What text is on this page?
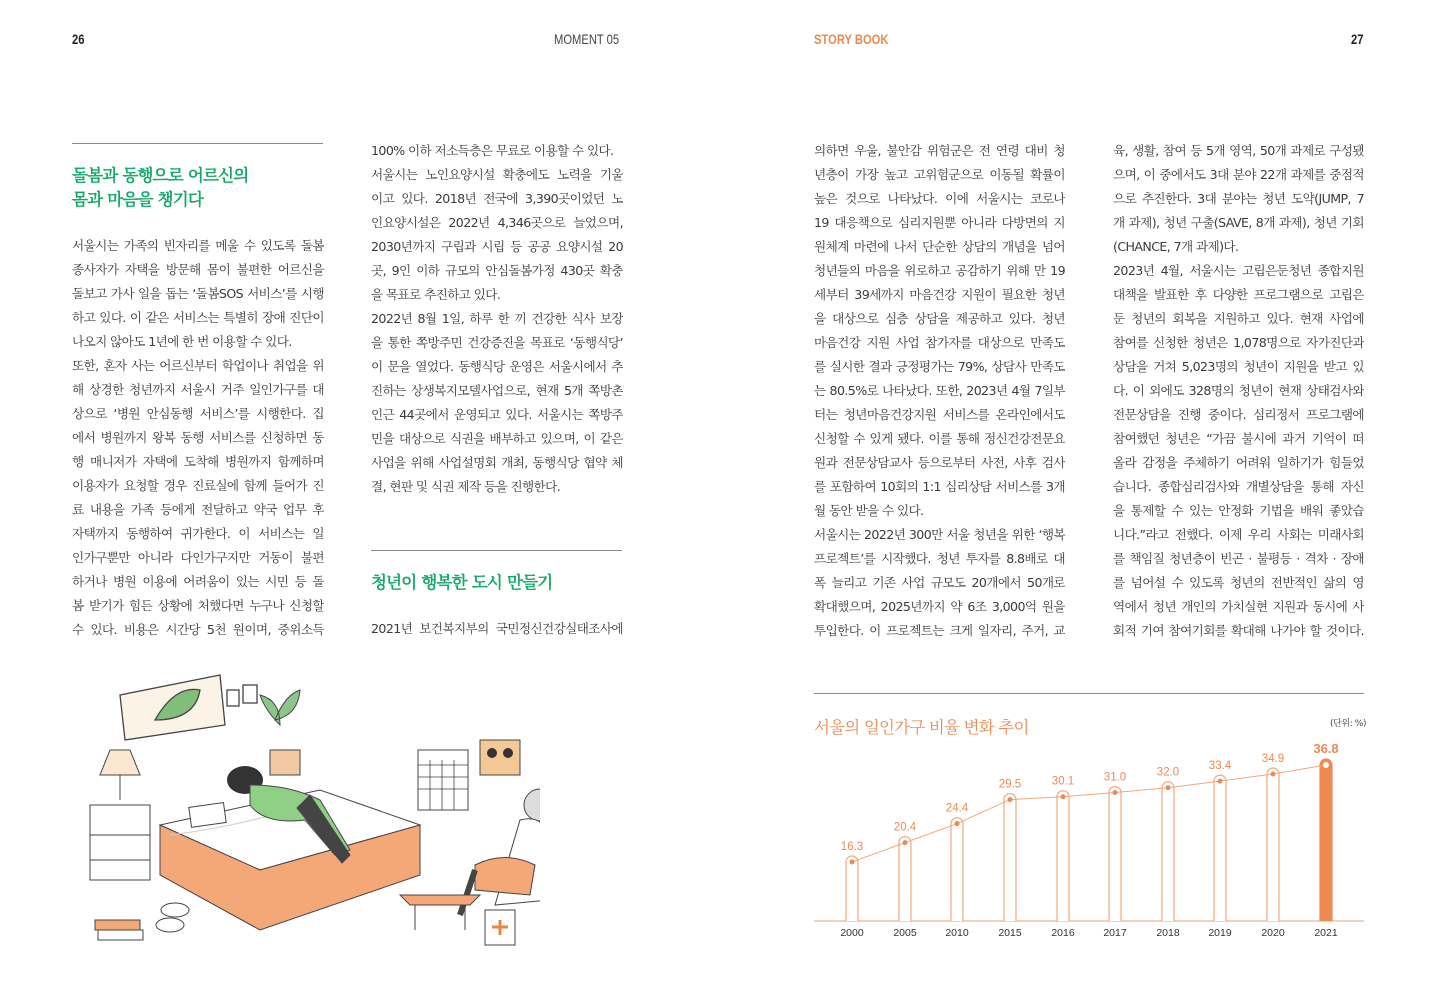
26	MOMENT 05	STORY BOOK	27
돌봄과 동행으로 어르신의
몸과 마음을 챙기다
서울시는 가족의 빈자리를 메울 수 있도록 돌봄
종사자가 자택을 방문해 몸이 불편한 어르신을
돌보고 가사 일을 돕는 ‘돌봄SOS 서비스’를 시행
하고 있다. 이 같은 서비스는 특별히 장애 진단이
나오지 않아도 1년에 한 번 이용할 수 있다.
또한, 혼자 사는 어르신부터 학업이나 취업을 위
해 상경한 청년까지 서울시 거주 일인가구를 대
상으로 ‘병원 안심동행 서비스’를 시행한다. 집
에서 병원까지 왕복 동행 서비스를 신청하면 동
행 매니저가 자택에 도착해 병원까지 함께하며
이용자가 요청할 경우 진료실에 함께 들어가 진
료 내용을 가족 등에게 전달하고 약국 업무 후
자택까지 동행하여 귀가한다. 이 서비스는 일
인가구뿐만 아니라 다인가구지만 거동이 불편
하거나 병원 이용에 어려움이 있는 시민 등 돌
봄 받기가 힘든 상황에 처했다면 누구나 신청할
수 있다. 비용은 시간당 5천 원이며, 중위소득
100% 이하 저소득층은 무료로 이용할 수 있다.
서울시는 노인요양시설 확충에도 노력을 기울
이고 있다. 2018년 전국에 3,390곳이었던 노
인요양시설은 2022년 4,346곳으로 늘었으며,
2030년까지 구립과 시립 등 공공 요양시설 20
곳, 9인 이하 규모의 안심돌봄가정 430곳 확충
을 목표로 추진하고 있다.
2022년 8월 1일, 하루 한 끼 건강한 식사 보장
을 통한 쪽방주민 건강증진을 목표로 ‘동행식당’
이 문을 열었다. 동행식당 운영은 서울시에서 추
진하는 상생복지모델사업으로, 현재 5개 쪽방촌
인근 44곳에서 운영되고 있다. 서울시는 쪽방주
민을 대상으로 식권을 배부하고 있으며, 이 같은
사업을 위해 사업설명회 개최, 동행식당 협약 체
결, 현판 및 식권 제작 등을 진행한다.
청년이 행복한 도시 만들기
2021년 보건복지부의 국민정신건강실태조사에
의하면 우울, 불안감 위험군은 전 연령 대비 청
년층이 가장 높고 고위험군으로 이동될 확률이
높은 것으로 나타났다. 이에 서울시는 코로나
19 대응책으로 심리지원뿐 아니라 다방면의 지
원체계 마련에 나서 단순한 상담의 개념을 넘어
청년들의 마음을 위로하고 공감하기 위해 만 19
세부터 39세까지 마음건강 지원이 필요한 청년
을 대상으로 심층 상담을 제공하고 있다. 청년
마음건강 지원 사업 참가자를 대상으로 만족도
를 실시한 결과 긍정평가는 79%, 상담사 만족도
는 80.5%로 나타났다. 또한, 2023년 4월 7일부
터는 청년마음건강지원 서비스를 온라인에서도
신청할 수 있게 됐다. 이를 통해 정신건강전문요
원과 전문상담교사 등으로부터 사전, 사후 검사
를 포함하여 10회의 1:1 심리상담 서비스를 3개
월 동안 받을 수 있다.
서울시는 2022년 300만 서울 청년을 위한 ‘행복
프로젝트’를 시작했다. 청년 투자를 8.8배로 대
폭 늘리고 기존 사업 규모도 20개에서 50개로
확대했으며, 2025년까지 약 6조 3,000억 원을
투입한다. 이 프로젝트는 크게 일자리, 주거, 교
육, 생활, 참여 등 5개 영역, 50개 과제로 구성됐
으며, 이 중에서도 3대 분야 22개 과제를 중점적
으로 추진한다. 3대 분야는 청년 도약(JUMP, 7
개 과제), 청년 구출(SAVE, 8개 과제), 청년 기회
(CHANCE, 7개 과제)다.
2023년 4월, 서울시는 고립은둔청년 종합지원
대책을 발표한 후 다양한 프로그램으로 고립은
둔 청년의 회복을 지원하고 있다. 현재 사업에
참여를 신청한 청년은 1,078명으로 자가진단과
상담을 거쳐 5,023명의 청년이 지원을 받고 있
다. 이 외에도 328명의 청년이 현재 상태검사와
전문상담을 진행 중이다. 심리정서 프로그램에
참여했던 청년은 “가끔 불시에 과거 기억이 떠
올라 감정을 주체하기 어려워 일하기가 힘들었
습니다. 종합심리검사와 개별상담을 통해 자신
을 통제할 수 있는 안정화 기법을 배워 좋았습
니다.”라고 전했다. 이제 우리 사회는 미래사회
를 책임질 청년층이 빈곤 · 불평등 · 격차 · 장애
를 넘어설 수 있도록 청년의 전반적인 삶의 영
역에서 청년 개인의 가치실현 지원과 동시에 사
회적 기여 참여기회를 확대해 나가야 할 것이다.
서울의 일인가구 비율 변화 추이	(단위: %)
16.3
2000
20.4
2005
24.4
2010
29.5
2015
30.1
2016
31.0
2017
32.0
2018
33.4
2019
34.9
2020
36.8
2021
